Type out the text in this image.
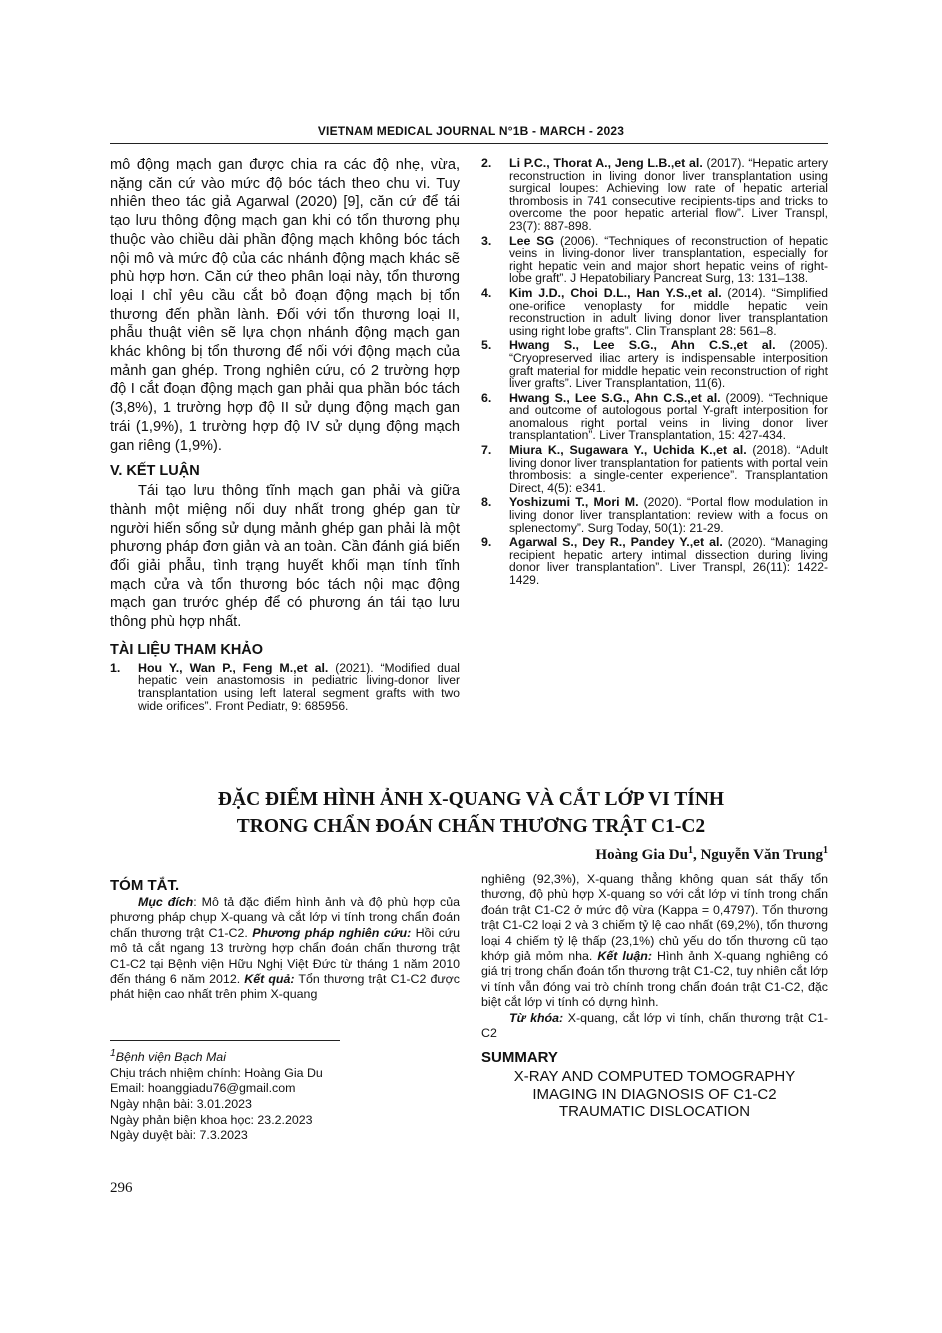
VIETNAM MEDICAL JOURNAL N°1B - MARCH - 2023
mô động mạch gan được chia ra các độ nhẹ, vừa, nặng căn cứ vào mức độ bóc tách theo chu vi. Tuy nhiên theo tác giả Agarwal (2020) [9], căn cứ để tái tạo lưu thông động mạch gan khi có tổn thương phụ thuộc vào chiều dài phần động mạch không bóc tách nội mô và mức độ của các nhánh động mạch khác sẽ phù hợp hơn. Căn cứ theo phân loại này, tổn thương loại I chỉ yêu cầu cắt bỏ đoạn động mạch bị tổn thương đến phần lành. Đối với tổn thương loại II, phẫu thuật viên sẽ lựa chọn nhánh động mạch gan khác không bị tổn thương để nối với động mạch của mảnh gan ghép. Trong nghiên cứu, có 2 trường hợp độ I cắt đoạn động mạch gan phải qua phần bóc tách (3,8%), 1 trường hợp độ II sử dụng động mạch gan trái (1,9%), 1 trường hợp độ IV sử dụng động mạch gan riêng (1,9%).
V. KẾT LUẬN
Tái tạo lưu thông tĩnh mạch gan phải và giữa thành một miệng nối duy nhất trong ghép gan từ người hiến sống sử dụng mảnh ghép gan phải là một phương pháp đơn giản và an toàn. Cần đánh giá biến đổi giải phẫu, tình trạng huyết khối mạn tính tĩnh mạch cửa và tổn thương bóc tách nội mạc động mạch gan trước ghép để có phương án tái tạo lưu thông phù hợp nhất.
TÀI LIỆU THAM KHẢO
1. Hou Y., Wan P., Feng M.,et al. (2021). “Modified dual hepatic vein anastomosis in pediatric living-donor liver transplantation using left lateral segment grafts with two wide orifices”. Front Pediatr, 9: 685956.
2. Li P.C., Thorat A., Jeng L.B.,et al. (2017). “Hepatic artery reconstruction in living donor liver transplantation using surgical loupes: Achieving low rate of hepatic arterial thrombosis in 741 consecutive recipients-tips and tricks to overcome the poor hepatic arterial flow”. Liver Transpl, 23(7): 887-898.
3. Lee SG (2006). “Techniques of reconstruction of hepatic veins in living-donor liver transplantation, especially for right hepatic vein and major short hepatic veins of right-lobe graft”. J Hepatobiliary Pancreat Surg, 13: 131–138.
4. Kim J.D., Choi D.L., Han Y.S.,et al. (2014). “Simplified one-orifice venoplasty for middle hepatic vein reconstruction in adult living donor liver transplantation using right lobe grafts”. Clin Transplant 28: 561–8.
5. Hwang S., Lee S.G., Ahn C.S.,et al. (2005). “Cryopreserved iliac artery is indispensable interposition graft material for middle hepatic vein reconstruction of right liver grafts”. Liver Transplantation, 11(6).
6. Hwang S., Lee S.G., Ahn C.S.,et al. (2009). “Technique and outcome of autologous portal Y-graft interposition for anomalous right portal veins in living donor liver transplantation”. Liver Transplantation, 15: 427-434.
7. Miura K., Sugawara Y., Uchida K.,et al. (2018). “Adult living donor liver transplantation for patients with portal vein thrombosis: a single-center experience”. Transplantation Direct, 4(5): e341.
8. Yoshizumi T., Mori M. (2020). “Portal flow modulation in living donor liver transplantation: review with a focus on splenectomy”. Surg Today, 50(1): 21-29.
9. Agarwal S., Dey R., Pandey Y.,et al. (2020). “Managing recipient hepatic artery intimal dissection during living donor liver transplantation”. Liver Transpl, 26(11): 1422-1429.
ĐẶC ĐIỂM HÌNH ẢNH X-QUANG VÀ CẮT LỚP VI TÍNH
TRONG CHẨN ĐOÁN CHẤN THƯƠNG TRẬT C1-C2
Hoàng Gia Du$^1$, Nguyễn Văn Trung$^1$
TÓM TẮT.
Mục đích: Mô tả đặc điểm hình ảnh và độ phù hợp của phương pháp chụp X-quang và cắt lớp vi tính trong chẩn đoán chấn thương trật C1-C2. Phương pháp nghiên cứu: Hồi cứu mô tả cắt ngang 13 trường hợp chẩn đoán chấn thương trật C1-C2 tại Bệnh viện Hữu Nghị Việt Đức từ tháng 1 năm 2010 đến tháng 6 năm 2012. Kết quả: Tổn thương trật C1-C2 được phát hiện cao nhất trên phim X-quang
$^1$Bệnh viện Bạch Mai
Chịu trách nhiệm chính: Hoàng Gia Du
Email: hoanggiadu76@gmail.com
Ngày nhận bài: 3.01.2023
Ngày phản biện khoa học: 23.2.2023
Ngày duyệt bài: 7.3.2023
nghiêng (92,3%), X-quang thẳng không quan sát thấy tổn thương, độ phù hợp X-quang so với cắt lớp vi tính trong chẩn đoán trật C1-C2 ở mức độ vừa (Kappa = 0,4797). Tổn thương trật C1-C2 loại 2 và 3 chiếm tỷ lệ cao nhất (69,2%), tổn thương loại 4 chiếm tỷ lệ thấp (23,1%) chủ yếu do tổn thương cũ tạo khớp giả mỏm nha. Kết luận: Hình ảnh X-quang nghiêng có giá trị trong chẩn đoán tổn thương trật C1-C2, tuy nhiên cắt lớp vi tính vẫn đóng vai trò chính trong chẩn đoán trật C1-C2, đặc biệt cắt lớp vi tính có dựng hình.
Từ khóa: X-quang, cắt lớp vi tính, chấn thương trật C1-C2
SUMMARY
X-RAY AND COMPUTED TOMOGRAPHY
IMAGING IN DIAGNOSIS OF C1-C2
TRAUMATIC DISLOCATION
296
